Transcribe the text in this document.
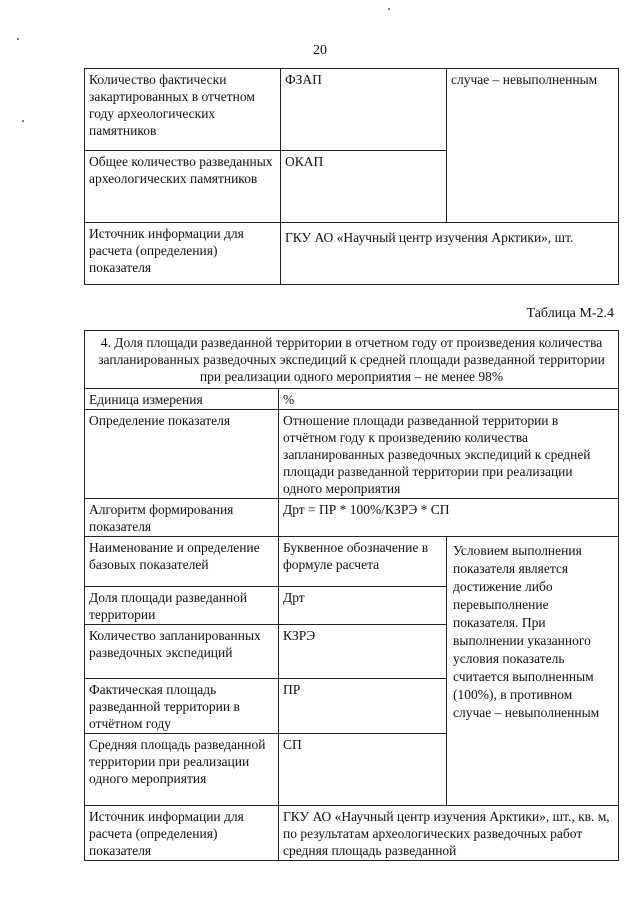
20
Количество фактически закартированных в отчетном году археологических памятников	ФЗАП	случае – невыполненным
Общее количество разведанных археологических памятников	ОКАП	
Источник информации для расчета (определения) показателя	ГКУ АО «Научный центр изучения Арктики», шт.	
Таблица М-2.4
4. Доля площади разведанной территории в отчетном году от произведения количества запланированных разведочных экспедиций к средней площади разведанной территории при реализации одного мероприятия – не менее 98%		
Единица измерения	%	
Определение показателя	Отношение площади разведанной территории в отчётном году к произведению количества запланированных разведочных экспедиций к средней площади разведанной территории при реализации одного мероприятия	
Алгоритм формирования показателя	Дрт = ПР * 100%/КЗРЭ * СП	
Наименование и определение базовых показателей	Буквенное обозначение в формуле расчета	Условием выполнения показателя является достижение либо перевыполнение показателя. При выполнении указанного условия показатель считается выполненным (100%), в противном случае – невыполненным
Доля площади разведанной территории	Дрт	
Количество запланированных разведочных экспедиций	КЗРЭ	
Фактическая площадь разведанной территории в отчётном году	ПР	
Средняя площадь разведанной территории при реализации одного мероприятия	СП	
Источник информации для расчета (определения) показателя	ГКУ АО «Научный центр изучения Арктики», шт., кв. м, по результатам археологических разведочных работ средняя площадь разведанной	
